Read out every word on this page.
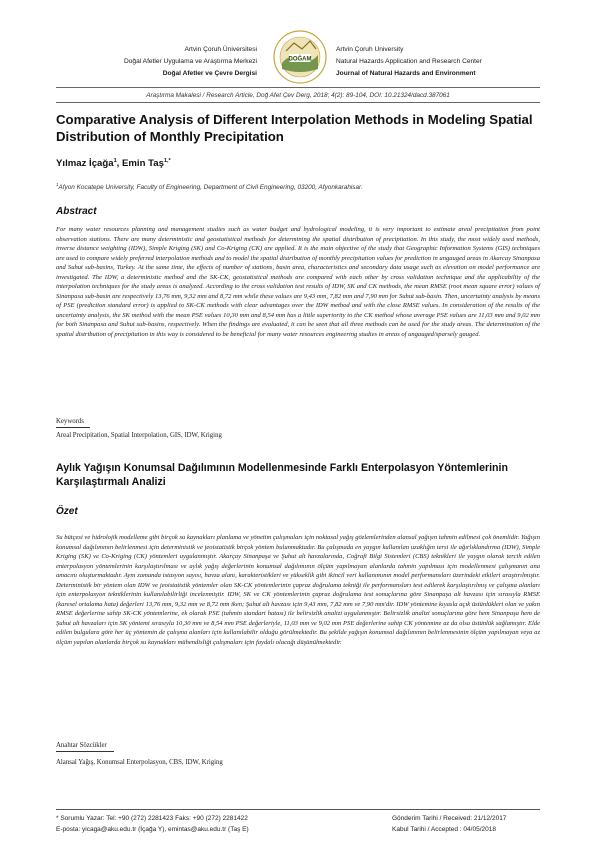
Artvin Çoruh Üniversitesi
Doğal Afetler Uygulama ve Araştırma Merkezi
Doğal Afetler ve Çevre Dergisi
DOĞAM
Artvin Çoruh University
Natural Hazards Application and Research Center
Journal of Natural Hazards and Environment
Araştırma Makalesi / Research Article, Doğ Afet Çev Derg, 2018; 4(2): 89-104, DOI: 10.21324/dacd.387061
Comparative Analysis of Different Interpolation Methods in Modeling Spatial Distribution of Monthly Precipitation
Yılmaz İçağa$^1$, Emin Taş$^{1,*}$
$^1$Afyon Kocatepe University, Faculty of Engineering, Department of Civil Engineering, 03200, Afyonkarahisar.
Abstract
For many water resources planning and management studies such as water budget and hydrological modeling, it is very important to estimate areal precipitation from point observation stations. There are many deterministic and geostatistical methods for determining the spatial distribution of precipitation. In this study, the most widely used methods, inverse distance weighting (IDW), Simple Kriging (SK) and Co-Kriging (CK) are applied. It is the main objective of the study that Geographic Information Systems (GIS) techniques are used to compare widely preferred interpolation methods and to model the spatial distribution of monthly precipitation values for prediction in ungauged areas in Akarcay Sinanpasa and Suhut sub-basins, Turkey. At the same time, the effects of number of stations, basin area, characteristics and secondary data usage such as elevation on model performance are investigated. The IDW, a deterministic method and the SK-CK, geostatistical methods are compared with each other by cross validation technique and the applicability of the interpolation techniques for the study areas is analyzed. According to the cross validation test results of IDW, SK and CK methods, the mean RMSE (root mean square error) values of Sinanpasa sub-basin are respectively 13,76 mm, 9,32 mm and 8,72 mm while these values are 9,43 mm, 7,82 mm and 7,90 mm for Suhut sub-basin. Then, uncertainty analysis by means of PSE (prediction standard error) is applied to SK-CK methods with clear advantages over the IDW method and with the close RMSE values. In consideration of the results of the uncertainty analysis, the SK method with the mean PSE values 10,30 mm and 8,54 mm has a little superiority to the CK method whose average PSE values are 11,03 mm and 9,02 mm for both Sinanpasa and Suhut sub-basins, respectively. When the findings are evaluated, it can be seen that all three methods can be used for the study areas. The determination of the spatial distribution of precipitation in this way is considered to be beneficial for many water resources engineering studies in areas of ungauged/sparsely gauged.
Keywords
Areal Precipitation, Spatial Interpolation, GIS, IDW, Kriging
Aylık Yağışın Konumsal Dağılımının Modellenmesinde Farklı Enterpolasyon Yöntemlerinin Karşılaştırmalı Analizi
Özet
Su bütçesi ve hidrolojik modelleme gibi birçok su kaynakları planlama ve yönetim çalışmaları için noktasal yağış gözlemlerinden alansal yağışın tahmin edilmesi çok önemlidir. Yağışın konumsal dağılımının belirlenmesi için deterministik ve jeoistatistik birçok yöntem bulunmaktadır. Bu çalışmada en yaygın kullanılan uzaklığın tersi ile ağırlıklandırma (IDW), Simple Kriging (SK) ve Co-Kriging (CK) yöntemleri uygulanmıştır. Akarçay Sinanpaşa ve Şuhut alt havzalarında, Coğrafi Bilgi Sistemleri (CBS) teknikleri ile yaygın olarak tercih edilen enterpolasyon yöntemlerinin karşılaştırılması ve aylık yağış değerlerinin konumsal dağılımının ölçüm yapılmayan alanlarda tahmin yapılması için modellenmesi çalışmanın ana amacını oluşturmaktadır. Aynı zamanda istasyon sayısı, havza alanı, karakteristikleri ve yükseklik gibi ikincil veri kullanımının model performansları üzerindeki etkileri araştırılmıştır. Deterministik bir yöntem olan IDW ve jeoistatistik yöntemler olan SK-CK yöntemlerinin çapraz doğrulama tekniği ile performansları test edilerek karşılaştırılmış ve çalışma alanları için enterpolasyon tekniklerinin kullanılabilirliği incelenmiştir. IDW, SK ve CK yöntemlerinin çapraz doğrulama test sonuçlarına göre Sinanpaşa alt havzası için sırasıyla RMSE (karesel ortalama hata) değerleri 13,76 mm, 9,32 mm ve 8,72 mm iken; Şuhut alt havzası için 9,43 mm, 7,82 mm ve 7,90 mm'dir. IDW yöntemine kıyasla açık üstünlükleri olan ve yakın RMSE değerlerine sahip SK-CK yöntemlerine, ek olarak PSE (tahmin standart hatası) ile belirsizlik analizi uygulanmıştır. Belirsizlik analizi sonuçlarına göre hem Sinanpaşa hem de Şuhut alt havzaları için SK yöntemi sırasıyla 10,30 mm ve 8,54 mm PSE değerleriyle, 11,03 mm ve 9,02 mm PSE değerlerine sahip CK yöntemine az da olsa üstünlük sağlamıştır. Elde edilen bulgulara göre her üç yöntemin de çalışma alanları için kullanılabilir olduğu görülmektedir. Bu şekilde yağışın konumsal dağılımının belirlenmesinin ölçüm yapılmayan veya az ölçüm yapılan alanlarda birçok su kaynakları mühendisliği çalışmaları için faydalı olacağı düşünülmektedir.
Anahtar Sözcükler
Alansal Yağış, Konumsal Enterpolasyon, CBS, IDW, Kriging
* Sorumlu Yazar: Tel: +90 (272) 2281423 Faks: +90 (272) 2281422
E-posta: yicaga@aku.edu.tr (İçağa Y), emintas@aku.edu.tr (Taş E)
Gönderim Tarihi / Received: 21/12/2017
Kabul Tarihi / Accepted : 04/05/2018
